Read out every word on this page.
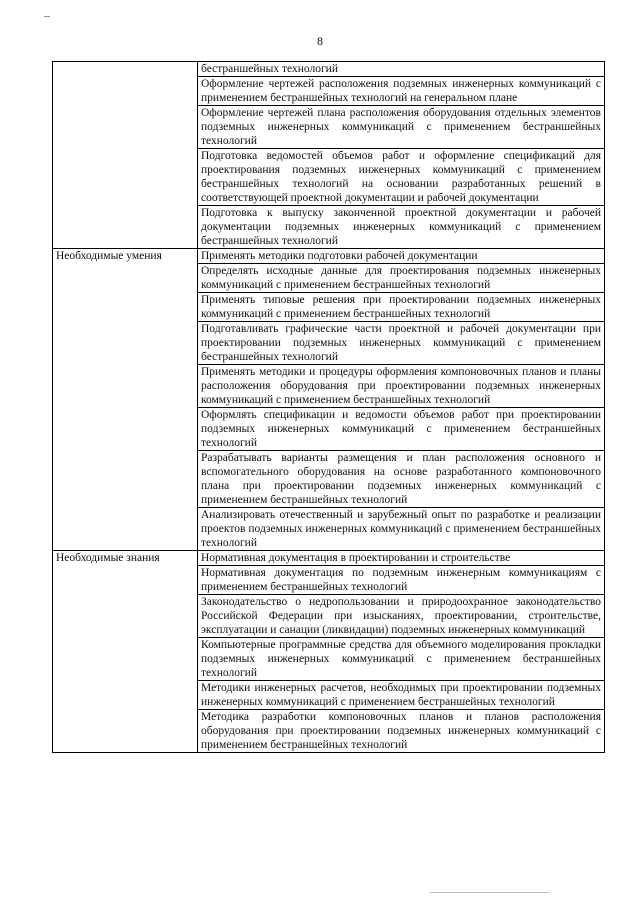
8
	бестраншейных технологий
	Оформление чертежей расположения подземных инженерных коммуникаций с применением бестраншейных технологий на генеральном плане
	Оформление чертежей плана расположения оборудования отдельных элементов подземных инженерных коммуникаций с применением бестраншейных технологий
	Подготовка ведомостей объемов работ и оформление спецификаций для проектирования подземных инженерных коммуникаций с применением бестраншейных технологий на основании разработанных решений в соответствующей проектной документации и рабочей документации
	Подготовка к выпуску законченной проектной документации и рабочей документации подземных инженерных коммуникаций с применением бестраншейных технологий
Необходимые умения	Применять методики подготовки рабочей документации
	Определять исходные данные для проектирования подземных инженерных коммуникаций с применением бестраншейных технологий
	Применять типовые решения при проектировании подземных инженерных коммуникаций с применением бестраншейных технологий
	Подготавливать графические части проектной и рабочей документации при проектировании подземных инженерных коммуникаций с применением бестраншейных технологий
	Применять методики и процедуры оформления компоновочных планов и планы расположения оборудования при проектировании подземных инженерных коммуникаций с применением бестраншейных технологий
	Оформлять спецификации и ведомости объемов работ при проектировании подземных инженерных коммуникаций с применением бестраншейных технологий
	Разрабатывать варианты размещения и план расположения основного и вспомогательного оборудования на основе разработанного компоновочного плана при проектировании подземных инженерных коммуникаций с применением бестраншейных технологий
	Анализировать отечественный и зарубежный опыт по разработке и реализации проектов подземных инженерных коммуникаций с применением бестраншейных технологий
Необходимые знания	Нормативная документация в проектировании и строительстве
	Нормативная документация по подземным инженерным коммуникациям с применением бестраншейных технологий
	Законодательство о недропользовании и природоохранное законодательство Российской Федерации при изысканиях, проектировании, строительстве, эксплуатации и санации (ликвидации) подземных инженерных коммуникаций
	Компьютерные программные средства для объемного моделирования прокладки подземных инженерных коммуникаций с применением бестраншейных технологий
	Методики инженерных расчетов, необходимых при проектировании подземных инженерных коммуникаций с применением бестраншейных технологий
	Методика разработки компоновочных планов и планов расположения оборудования при проектировании подземных инженерных коммуникаций с применением бестраншейных технологий
